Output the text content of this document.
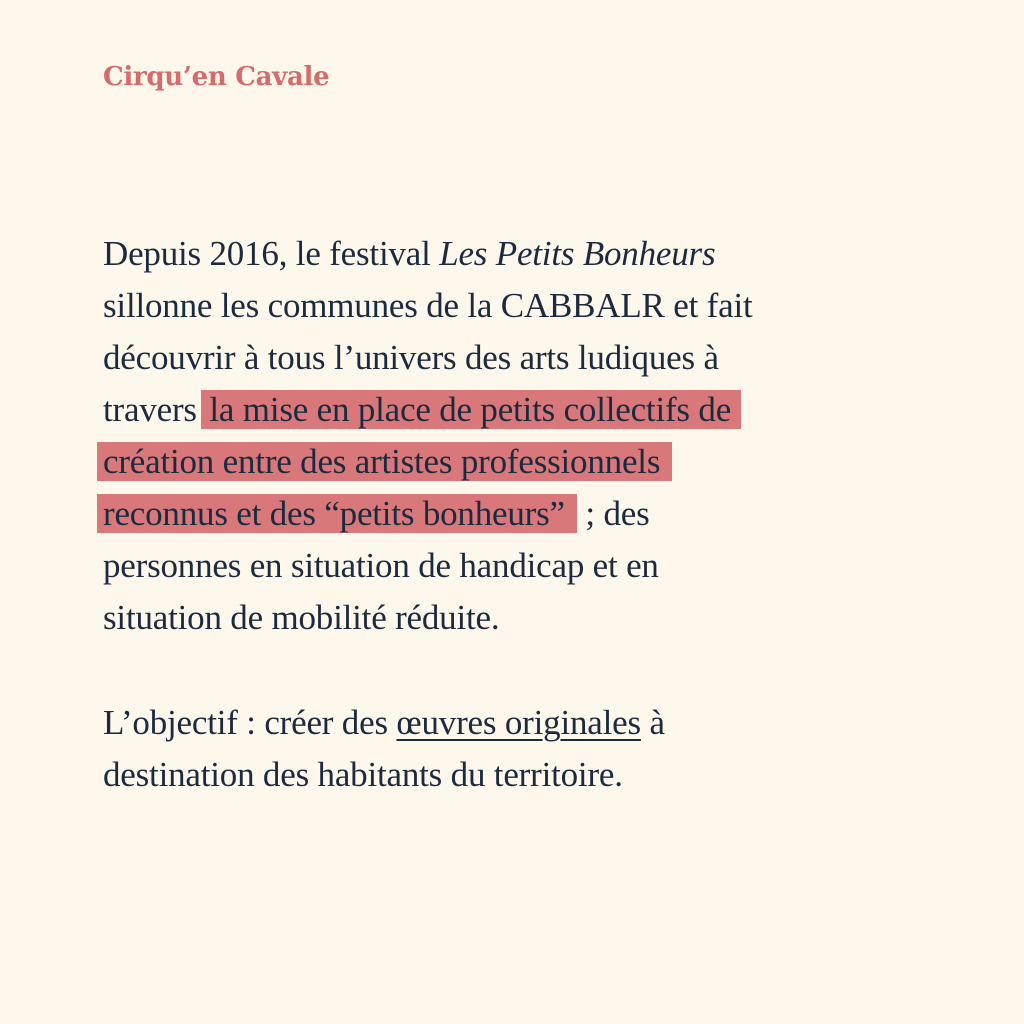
Cirqu’en Cavale
Depuis 2016, le festival Les Petits Bonheurs
sillonne les communes de la CABBALR et fait
découvrir à tous l’univers des arts ludiques à
travers la mise en place de petits collectifs de
création entre des artistes professionnels
reconnus et des “petits bonheurs” ; des
personnes en situation de handicap et en
situation de mobilité réduite.
L’objectif : créer des œuvres originales à
destination des habitants du territoire.
